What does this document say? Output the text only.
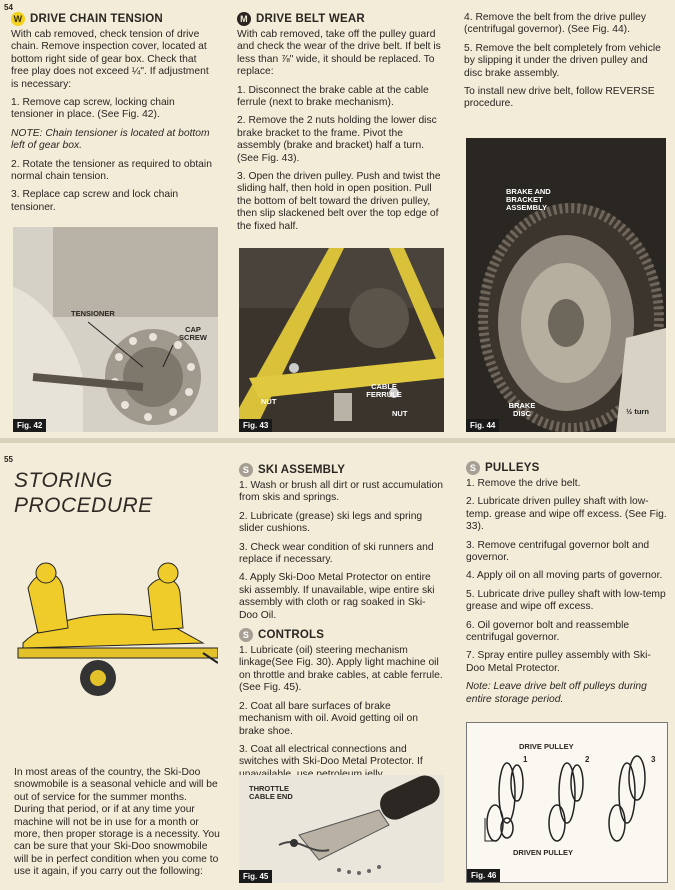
54
55
W DRIVE CHAIN TENSION

With cab removed, check tension of drive chain. Remove inspection cover, located at bottom right side of gear box. Check that free play does not exceed ¼". If adjustment is necessary:

1. Remove cap screw, locking chain tensioner in place. (See Fig. 42).

NOTE: Chain tensioner is located at bottom left of gear box.

2. Rotate the tensioner as required to obtain normal chain tension.

3. Replace cap screw and lock chain tensioner.

M DRIVE BELT WEAR

With cab removed, take off the pulley guard and check the wear of the drive belt. If belt is less than ⅞" wide, it should be replaced. To replace:

1. Disconnect the brake cable at the cable ferrule (next to brake mechanism).

2. Remove the 2 nuts holding the lower disc brake bracket to the frame. Pivot the assembly (brake and bracket) half a turn. (See Fig. 43).

3. Open the driven pulley. Push and twist the sliding half, then hold in open position. Pull the bottom of belt toward the driven pulley, then slip slackened belt over the top edge of the fixed half.

4. Remove the belt from the drive pulley (centrifugal governor). (See Fig. 44).

5. Remove the belt completely from vehicle by slipping it under the driven pulley and disc brake assembly.

To install new drive belt, follow REVERSE procedure.

TENSIONER
CAP SCREW
Fig. 42
NUT
CABLE FERRULE
NUT
Fig. 43
BRAKE AND BRACKET ASSEMBLY
BRAKE DISC	½ turn
Fig. 44
STORING
PROCEDURE

In most areas of the country, the Ski-Doo snowmobile is a seasonal vehicle and will be out of service for the summer months. During that period, or if at any time your machine will not be in use for a month or more, then proper storage is a necessity. You can be sure that your Ski-Doo snowmobile will be in perfect condition when you come to use it again, if you carry out the following:

S SKI ASSEMBLY

1. Wash or brush all dirt or rust accumulation from skis and springs.

2. Lubricate (grease) ski legs and spring slider cushions.

3. Check wear condition of ski runners and replace if necessary.

4. Apply Ski-Doo Metal Protector on entire ski assembly. If unavailable, wipe entire ski assembly with cloth or rag soaked in Ski-Doo Oil.

S CONTROLS

1. Lubricate (oil) steering mechanism linkage(See Fig. 30). Apply light machine oil on throttle and brake cables, at cable ferrule. (See Fig. 45).

2. Coat all bare surfaces of brake mechanism with oil. Avoid getting oil on brake shoe.

3. Coat all electrical connections and switches with Ski-Doo Metal Protector. If

THROTTLE CABLE END
Fig. 45
S PULLEYS

1. Remove the drive belt.

2. Lubricate driven pulley shaft with low-temp. grease and wipe off excess. (See Fig. 33).

3. Remove centrifugal governor bolt and governor.

4. Apply oil on all moving parts of governor.

5. Lubricate drive pulley shaft with low-temp grease and wipe off excess.

6. Oil governor bolt and reassemble centrifugal governor.

7. Spray entire pulley assembly with Ski-Doo Metal Protector.

Note: Leave drive belt off pulleys during entire storage period.

DRIVE PULLEY
1	2	3
DRIVEN PULLEY
Fig. 46
